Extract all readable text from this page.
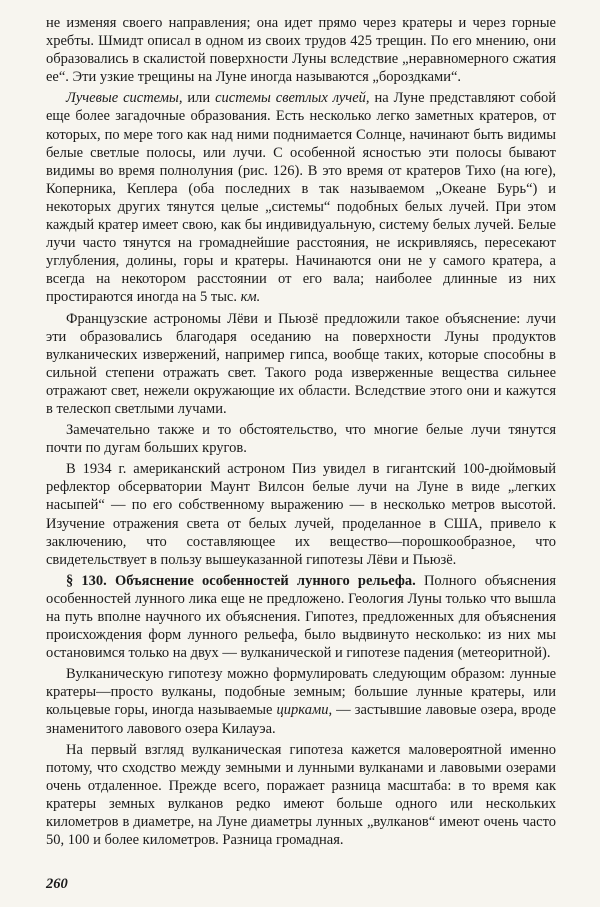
не изменяя своего направления; она идет прямо через кратеры и через горные хребты. Шмидт описал в одном из своих трудов 425 трещин. По его мнению, они образовались в скалистой поверхности Луны вследствие „неравномерного сжатия ее“. Эти узкие трещины на Луне иногда называются „бороздками“.

Лучевые системы, или системы светлых лучей, на Луне представляют собой еще более загадочные образования. Есть несколько легко заметных кратеров, от которых, по мере того как над ними поднимается Солнце, начинают быть видимы белые светлые полосы, или лучи. С особенной ясностью эти полосы бывают видимы во время полнолуния (рис. 126). В это время от кратеров Тихо (на юге), Коперника, Кеплера (оба последних в так называемом „Океане Бурь“) и некоторых других тянутся целые „системы“ подобных белых лучей. При этом каждый кратер имеет свою, как бы индивидуальную, систему белых лучей. Белые лучи часто тянутся на громаднейшие расстояния, не искривляясь, пересекают углубления, долины, горы и кратеры. Начинаются они не у самого кратера, а всегда на некотором расстоянии от его вала; наиболее длинные из них простираются иногда на 5 тыс. км.

Французские астрономы Лёви и Пьюзё предложили такое объяснение: лучи эти образовались благодаря оседанию на поверхности Луны продуктов вулканических извержений, например гипса, вообще таких, которые способны в сильной степени отражать свет. Такого рода изверженные вещества сильнее отражают свет, нежели окружающие их области. Вследствие этого они и кажутся в телескоп светлыми лучами.

Замечательно также и то обстоятельство, что многие белые лучи тянутся почти по дугам больших кругов.

В 1934 г. американский астроном Пиз увидел в гигантский 100-дюймовый рефлектор обсерватории Маунт Вилсон белые лучи на Луне в виде „легких насыпей“ — по его собственному выражению — в несколько метров высотой. Изучение отражения света от белых лучей, проделанное в США, привело к заключению, что составляющее их вещество—порошкообразное, что свидетельствует в пользу вышеуказанной гипотезы Лёви и Пьюзё.

§ 130. Объяснение особенностей лунного рельефа. Полного объяснения особенностей лунного лика еще не предложено. Геология Луны только что вышла на путь вполне научного их объяснения. Гипотез, предложенных для объяснения происхождения форм лунного рельефа, было выдвинуто несколько: из них мы остановимся только на двух — вулканической и гипотезе падения (метеоритной).

Вулканическую гипотезу можно формулировать следующим образом: лунные кратеры—просто вулканы, подобные земным; большие лунные кратеры, или кольцевые горы, иногда называемые цирками, — застывшие лавовые озера, вроде знаменитого лавового озера Килауэа.

На первый взгляд вулканическая гипотеза кажется маловероятной именно потому, что сходство между земными и лунными вулканами и лавовыми озерами очень отдаленное. Прежде всего, поражает разница масштаба: в то время как кратеры земных вулканов редко имеют больше одного или нескольких километров в диаметре, на Луне диаметры лунных „вулканов“ имеют очень часто 50, 100 и более километров. Разница громадная.

260
